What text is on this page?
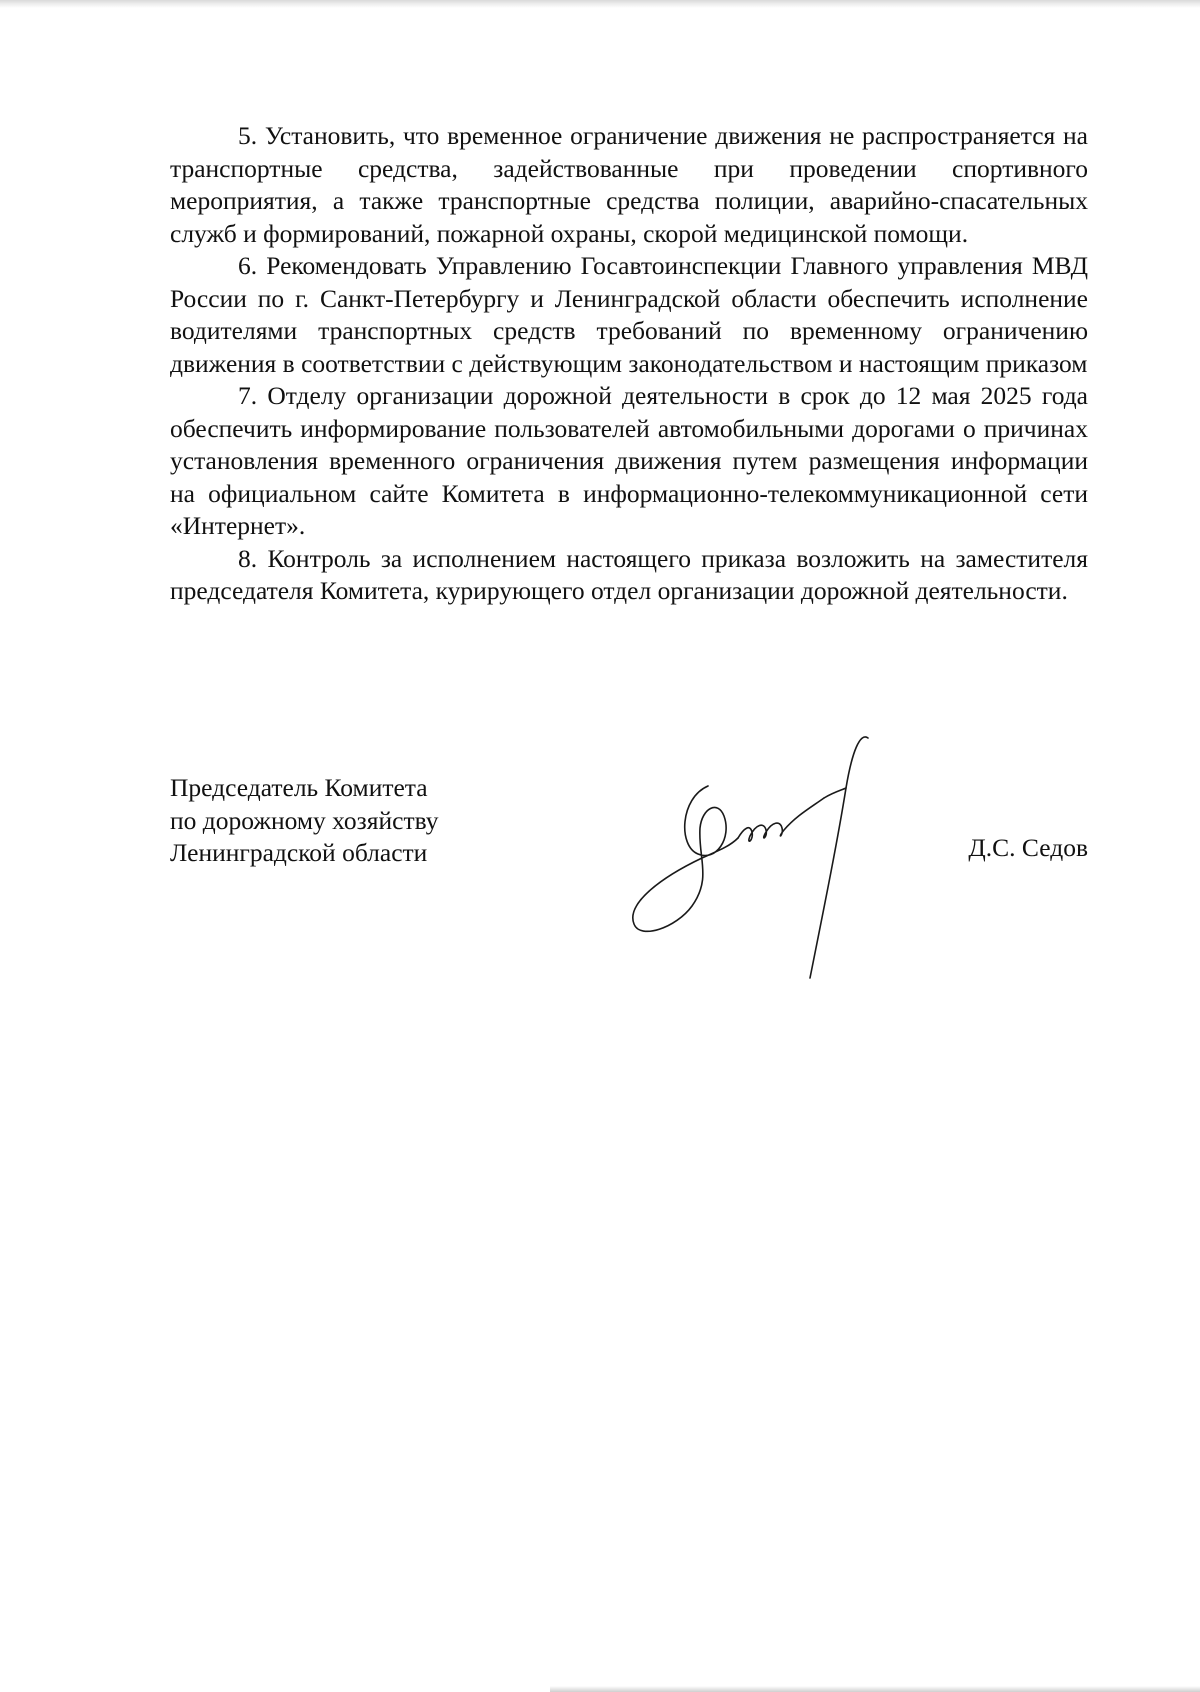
5. Установить, что временное ограничение движения не распространяется на транспортные средства, задействованные при проведении спортивного мероприятия, а также транспортные средства полиции, аварийно-спасательных служб и формирований, пожарной охраны, скорой медицинской помощи.

6. Рекомендовать Управлению Госавтоинспекции Главного управления МВД России по г. Санкт-Петербургу и Ленинградской области обеспечить исполнение водителями транспортных средств требований по временному ограничению движения в соответствии с действующим законодательством и настоящим приказом

7. Отделу организации дорожной деятельности в срок до 12 мая 2025 года обеспечить информирование пользователей автомобильными дорогами о причинах установления временного ограничения движения путем размещения информации на официальном сайте Комитета в информационно-телекоммуникационной сети «Интернет».

8. Контроль за исполнением настоящего приказа возложить на заместителя председателя Комитета, курирующего отдел организации дорожной деятельности.

Председатель Комитета
по дорожному хозяйству
Ленинградской области	Д.С. Седов
